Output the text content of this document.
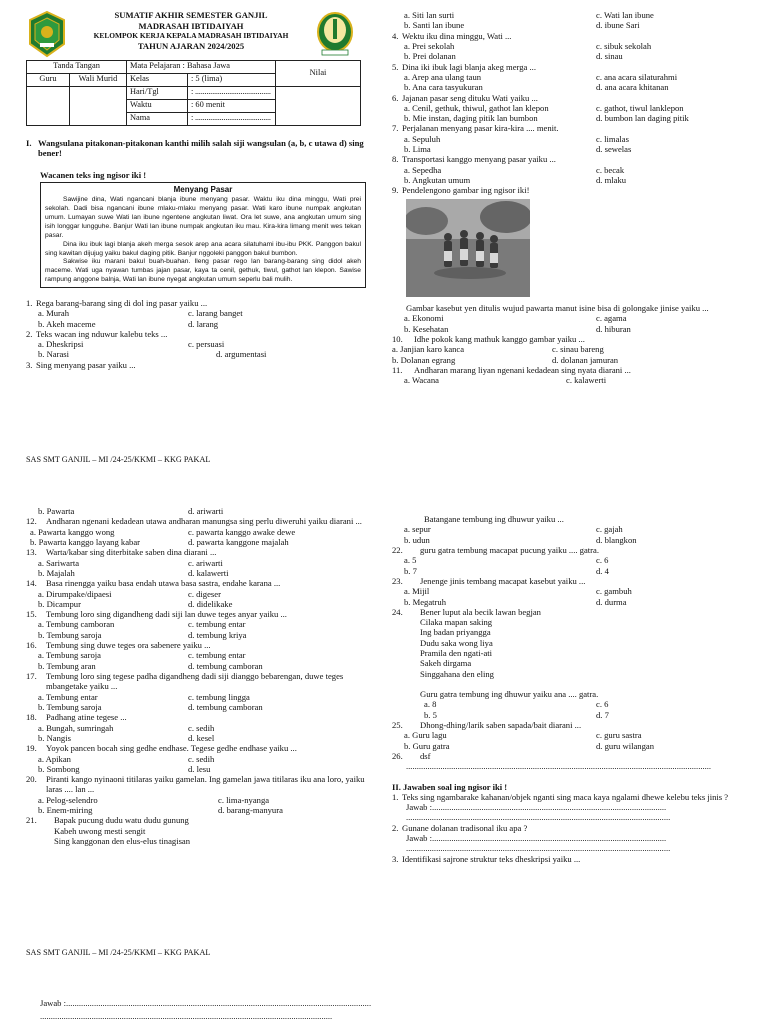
SUMATIF AKHIR SEMESTER GANJIL
MADRASAH IBTIDAIYAH
KELOMPOK KERJA KEPALA MADRASAH IBTIDAIYAH
TAHUN AJARAN 2024/2025
Tanda Tangan		Mata Pelajaran : Bahasa Jawa		Nilai
Guru	Wali Murid	Kelas	: 5 (lima)	
		Hari/Tgl	: ........................................	
		Waktu	: 60 menit	
		Nama	: ........................................	
I. Wangsulana pitakonan-pitakonan kanthi milih salah siji wangsulan (a, b, c utawa d) sing bener!
Wacanen teks ing ngisor iki !
Menyang Pasar

Sawijine dina, Wati ngancani blanja ibune menyang pasar. Waktu iku dina minggu, Wati prei sekolah. Dadi bisa ngancani ibune mlaku-mlaku menyang pasar. Wati karo ibune numpak angkutan umum. Lumayan suwe Wati lan ibune ngentene angkutan liwat. Ora let suwe, ana angkutan umum sing isih longgar lungguhe. Banjur Wati lan ibune numpak angkutan iku mau. Kira-kira limang menit wes tekan pasar.

Dina iku ibuk lagi blanja akeh merga sesok arep ana acara silatuhami ibu-ibu PKK. Panggon bakul sing kawitan dijujug yaiku bakul daging pitik. Banjur nggoleki panggon bakul bumbon.

Sakwise iku marani bakul buah-buahan. Ileng pasar rego lan barang-barang sing didol akeh maceme. Wati uga nyawan tumbas jajan pasar, kaya ta cenil, gethuk, tiwul, gathot lan klepon. Sawise rampung anggone balnja, Wati lan ibune nyegat angkutan umum seperlu bali mulih.

1. Rega barang-barang sing di dol ing pasar yaiku ...
a. Murah	c. larang banget
b. Akeh maceme	d. larang
2. Teks wacan ing nduwur kalebu teks ...
a. Dheskripsi	c. persuasi
b. Narasi	d. argumentasi
3. Sing menyang pasar yaiku ...
a. Siti lan surti	c. Wati lan ibune
b. Santi lan ibune	d. ibune Sari
4. Wektu iku dina minggu, Wati ...
a. Prei sekolah	c. sibuk sekolah
b. Prei dolanan	d. sinau
5. Dina iki ibuk lagi blanja akeg merga ...
a. Arep ana ulang taun	c. ana acara silaturahmi
b. Ana cara tasyukuran	d. ana acara khitanan
6. Jajanan pasar seng dituku Wati yaiku ...
a. Cenil, gethuk, thiwul, gathot lan klepon	c. gathot, tiwul lanklepon
b. Mie instan, daging pitik lan bumbon	d. bumbon lan daging pitik
7. Perjalanan menyang pasar kira-kira .... menit.
a. Sepuluh	c. limalas
b. Lima	d. sewelas
8. Transportasi kanggo menyang pasar yaiku ...
a. Sepedha	c. becak
b. Angkutan umum	d. mlaku
9. Pendelengono gambar ing ngisor iki!
Gambar kasebut yen ditulis wujud pawarta manut isine bisa di golongake jinise yaiku ...
a. Ekonomi	c. agama
b. Kesehatan	d. hiburan
10.	Idhe pokok kang mathuk kanggo gambar yaiku ...
a. Janjian karo kanca	c. sinau bareng
b. Dolanan egrang	d. dolanan jamuran
11.	Andharan marang liyan ngenani kedadean sing nyata diarani ...
a. Wacana	c. kalawerti
SAS SMT GANJIL – MI /24-25/KKMI – KKG PAKAL
b. Pawarta	d. ariwarti
12.	Andharan ngenani kedadean utawa andharan manungsa sing perlu diweruhi yaiku diarani ...
a. Pawarta kanggo wong	c. pawarta kanggo awake dewe
b. Pawarta kanggo layang kabar	d. pawarta kanggone majalah
13.	Warta/kabar sing diterbitake saben dina diarani ...
a. Sariwarta	c. ariwarti
b. Majalah	d. kalawerti
14.	Basa rinengga yaiku basa endah utawa basa sastra, endahe karana ...
a. Dirumpake/dipaesi	c. digeser
b. Dicampur	d. didelikake
15.	Tembung loro sing digandheng dadi siji lan duwe teges anyar yaiku ...
a. Tembung camboran	c. tembung entar
b. Tembung saroja	d. tembung kriya
16.	Tembung sing duwe teges ora sabenere yaiku ...
a. Tembung saroja	c. tembung entar
b. Tembung aran	d. tembung camboran
17.	Tembung loro sing tegese padha digandheng dadi siji dianggo bebarengan, duwe teges mbangetake yaiku ...
a. Tembung entar	c. tembung lingga
b. Tembung saroja	d. tembung camboran
18.	Padhang atine tegese ...
a. Bungah, sumringah	c. sedih
b. Nangis	d. kesel
19.	Yoyok pancen bocah sing gedhe endhase. Tegese gedhe endhase yaiku ...
a. Apikan	c. sedih
b. Sombong	d. lesu
20.	Piranti kango nyinaoni titilaras yaiku gamelan. Ing gamelan jawa titilaras iku ana loro, yaiku laras .... lan ...
a. Pelog-selendro	c. lima-nyanga
b. Enem-miring	d. barang-manyura
21.	Bapak pucung dudu watu dudu gunung
Kabeh uwong mesti sengit
Sing kanggonan den elus-elus tinagisan
Batangane tembung ing dhuwur yaiku ...
a. sepur	c. gajah
b. udun	d. blangkon
22.	guru gatra tembung macapat pucung yaiku .... gatra.
a. 5	c. 6
b. 7	d. 4
23.	Jenenge jinis tembang macapat kasebut yaiku ...
a. Mijil	c. gambuh
b. Megatruh	d. durma
24.	Bener luput ala becik lawan begjan
Cilaka mapan saking
Ing badan priyangga
Dudu saka wong liya
Pramila den ngati-ati
Sakeh dirgama
Singgahana den eling
Guru gatra tembung ing dhuwur yaiku ana .... gatra.
a. 8	c. 6
b. 5	d. 7
25.	Dhong-dhing/larik saben sapada/bait diarani ...
a. Guru lagu	c. guru sastra
b. Guru gatra	d. guru wilangan
26.	dsf
..............................................................................................................................................
II. Jawaben soal ing ngisor iki !
1. Teks sing ngambarake kahanan/objek nganti sing maca kaya ngalami dhewe kelebu teks jinis ?
Jawab :.............................................................................................................
...........................................................................................................................
2. Gunane dolanan tradisonal iku apa ?
Jawab :.............................................................................................................
...........................................................................................................................
3. Identifikasi sajrone struktur teks dheskripsi yaiku ...
SAS SMT GANJIL – MI /24-25/KKMI – KKG PAKAL
Jawab :..............................................................................................................................................
........................................................................................................................................
